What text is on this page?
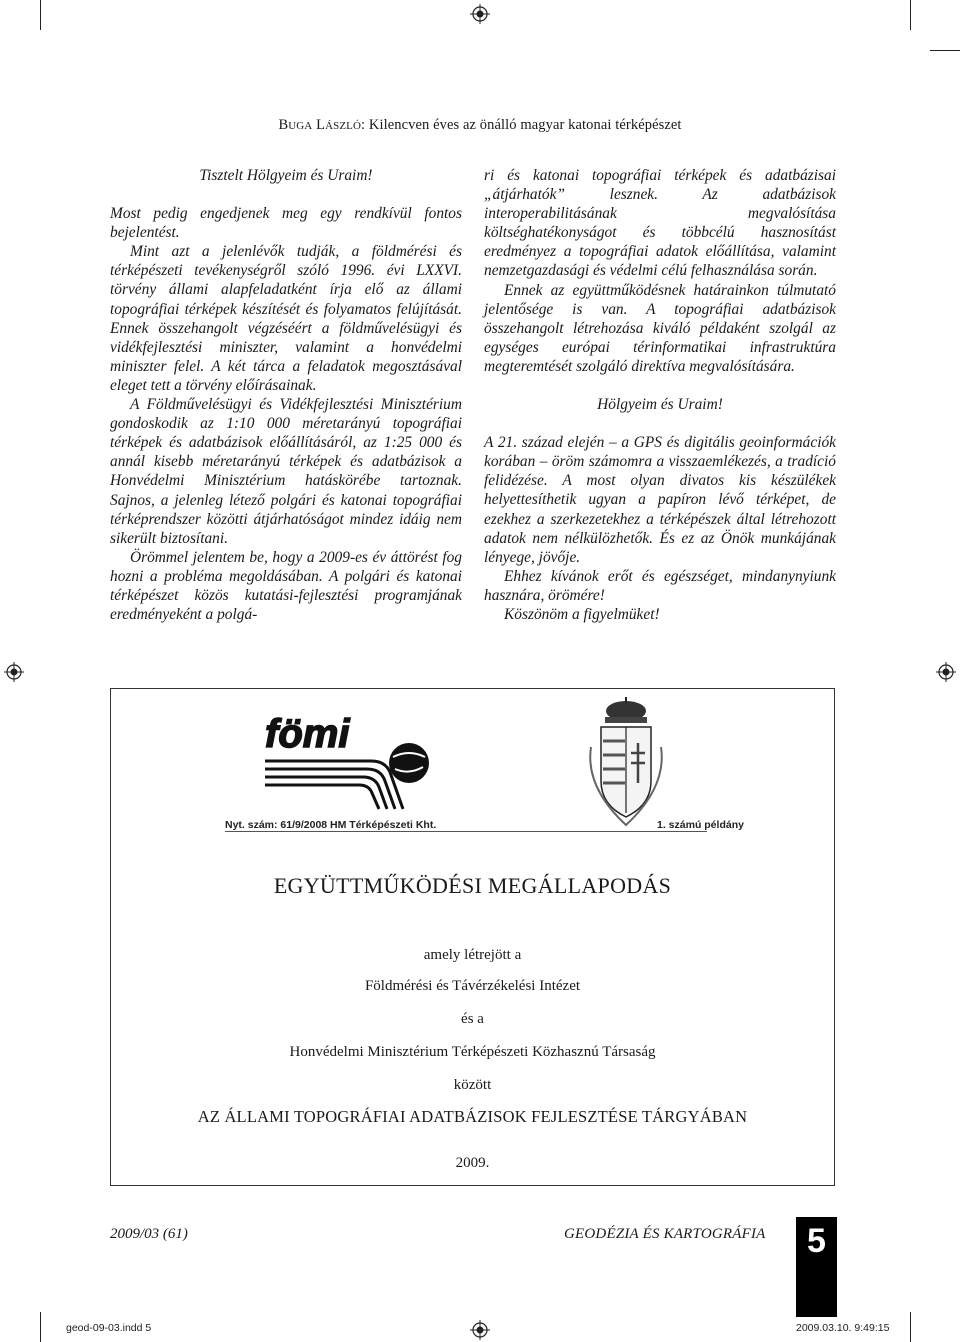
BUGA LÁSZLÓ: Kilencven éves az önálló magyar katonai térképészet

Tisztelt Hölgyeim és Uraim!

Most pedig engedjenek meg egy rendkívül fontos bejelentést.

Mint azt a jelenlévők tudják, a földmérési és térképészeti tevékenységről szóló 1996. évi LXXVI. törvény állami alapfeladatként írja elő az állami topográfiai térképek készítését és folyamatos felújítását. Ennek összehangolt végzéséért a földművelésügyi és vidékfejlesztési miniszter, valamint a honvédelmi miniszter felel. A két tárca a feladatok megosztásával eleget tett a törvény előírásainak.

A Földművelésügyi és Vidékfejlesztési Minisztérium gondoskodik az 1:10 000 méretarányú topográfiai térképek és adatbázisok előállításáról, az 1:25 000 és annál kisebb méretarányú térképek és adatbázisok a Honvédelmi Minisztérium hatáskörébe tartoznak. Sajnos, a jelenleg létező polgári és katonai topográfiai térképrendszer közötti átjárhatóságot mindez idáig nem sikerült biztosítani.

Örömmel jelentem be, hogy a 2009-es év áttörést fog hozni a probléma megoldásában. A polgári és katonai térképészet közös kutatási-fejlesztési programjának eredményeként a polgá-

ri és katonai topográfiai térképek és adatbázisai „átjárhatók” lesznek. Az adatbázisok interoperabilitásának megvalósítása költséghatékonyságot és többcélú hasznosítást eredményez a topográfiai adatok előállítása, valamint nemzetgazdasági és védelmi célú felhasználása során.

Ennek az együttműködésnek határainkon túlmutató jelentősége is van. A topográfiai adatbázisok összehangolt létrehozása kiváló példaként szolgál az egységes európai térinformatikai infrastruktúra megteremtését szolgáló direktíva megvalósítására.

Hölgyeim és Uraim!

A 21. század elején – a GPS és digitális geoinformációk korában – öröm számomra a visszaemlékezés, a tradíció felidézése. A most olyan divatos kis készülékek helyettesíthetik ugyan a papíron lévő térképet, de ezekhez a szerkezetekhez a térképészek által létrehozott adatok nem nélkülözhetők. És ez az Önök munkájának lényege, jövője.

Ehhez kívánok erőt és egészséget, mindanynyiunk hasznára, örömére!

Köszönöm a figyelmüket!

fömi
Nyt. szám: 61/9/2008 HM Térképészeti Kht.	1. számú példány
EGYÜTTMŰKÖDÉSI MEGÁLLAPODÁS
amely létrejött a
Földmérési és Távérzékelési Intézet
és a
Honvédelmi Minisztérium Térképészeti Közhasznú Társaság
között
AZ ÁLLAMI TOPOGRÁFIAI ADATBÁZISOK FEJLESZTÉSE TÁRGYÁBAN
2009.
2009/03 (61)	GEODÉZIA ÉS KARTOGRÁFIA	5
geod-09-03.indd 5	2009.03.10. 9:49:15
